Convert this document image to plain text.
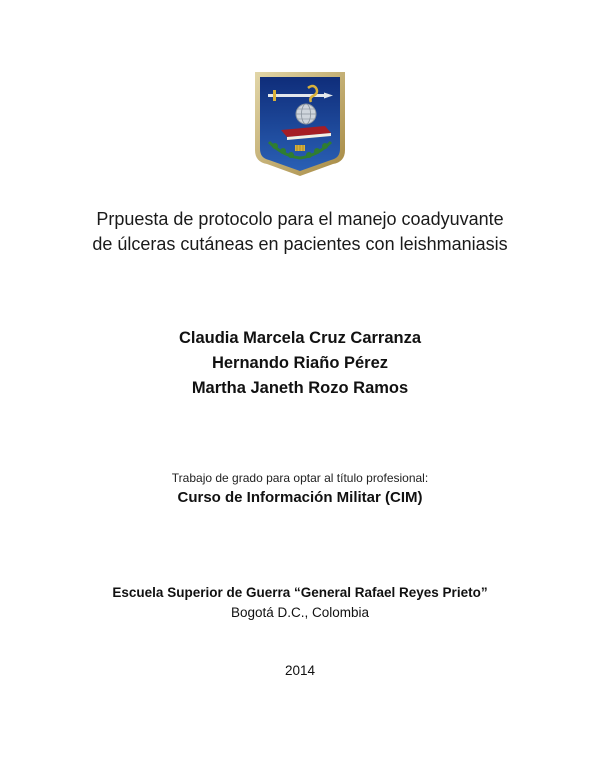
Prpuesta de protocolo para el manejo coadyuvante
de úlceras cutáneas en pacientes con leishmaniasis
Claudia Marcela Cruz Carranza
Hernando Riaño Pérez
Martha Janeth Rozo Ramos
Trabajo de grado para optar al título profesional:
Curso de Información Militar (CIM)
Escuela Superior de Guerra “General Rafael Reyes Prieto”
Bogotá D.C., Colombia
2014
